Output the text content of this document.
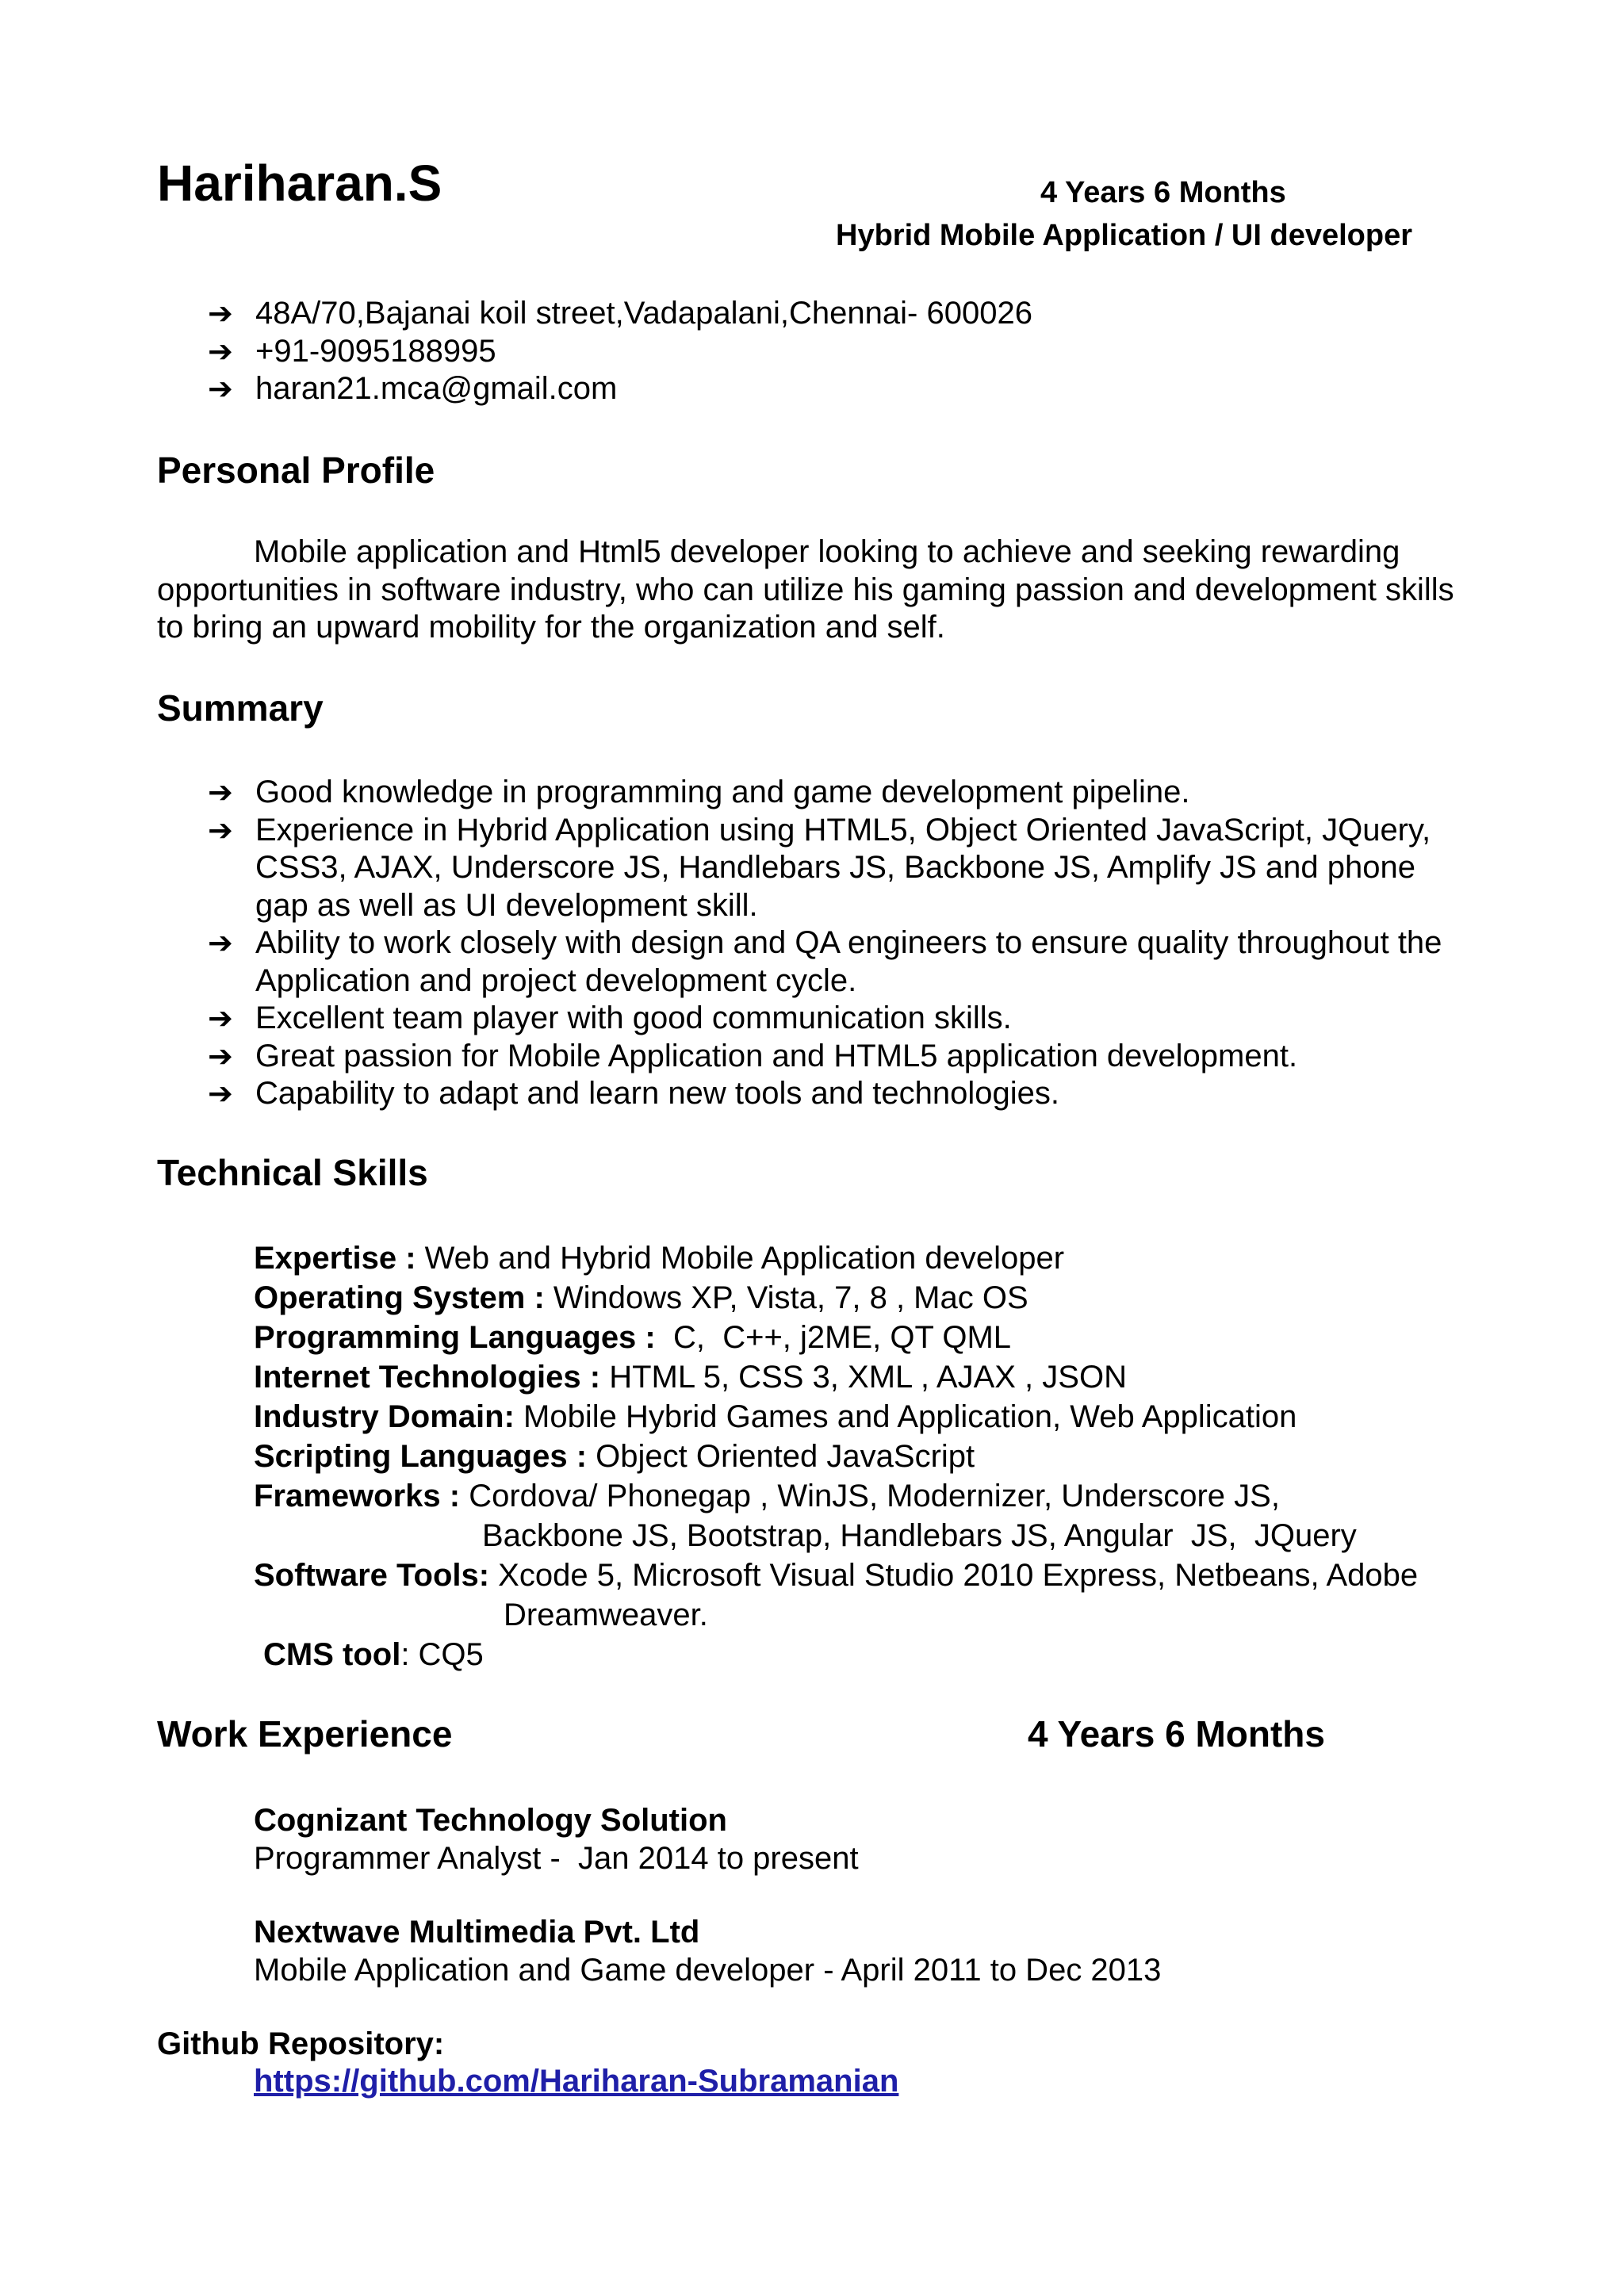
Hariharan.S	4 Years 6 Months
Hybrid Mobile Application / UI developer
➔ 48A/70,Bajanai koil street,Vadapalani,Chennai- 600026
➔ +91-9095188995
➔ haran21.mca@gmail.com
Personal Profile
Mobile application and Html5 developer looking to achieve and seeking rewarding opportunities in software industry, who can utilize his gaming passion and development skills to bring an upward mobility for the organization and self.
Summary
➔ Good knowledge in programming and game development pipeline.
➔ Experience in Hybrid Application using HTML5, Object Oriented JavaScript, JQuery, CSS3, AJAX, Underscore JS, Handlebars JS, Backbone JS, Amplify JS and phone gap as well as UI development skill.
➔ Ability to work closely with design and QA engineers to ensure quality throughout the Application and project development cycle.
➔ Excellent team player with good communication skills.
➔ Great passion for Mobile Application and HTML5 application development.
➔ Capability to adapt and learn new tools and technologies.
Technical Skills
Expertise : Web and Hybrid Mobile Application developer
Operating System : Windows XP, Vista, 7, 8 , Mac OS
Programming Languages :  C,  C++, j2ME, QT QML
Internet Technologies : HTML 5, CSS 3, XML , AJAX , JSON
Industry Domain: Mobile Hybrid Games and Application, Web Application
Scripting Languages : Object Oriented JavaScript
Frameworks : Cordova/ Phonegap , WinJS, Modernizer, Underscore JS,
Backbone JS, Bootstrap, Handlebars JS, Angular  JS,  JQuery
Software Tools: Xcode 5, Microsoft Visual Studio 2010 Express, Netbeans, Adobe
Dreamweaver.
CMS tool: CQ5
Work Experience	4 Years 6 Months
Cognizant Technology Solution
Programmer Analyst -  Jan 2014 to present
Nextwave Multimedia Pvt. Ltd
Mobile Application and Game developer - April 2011 to Dec 2013
Github Repository:
https://github.com/Hariharan-Subramanian
